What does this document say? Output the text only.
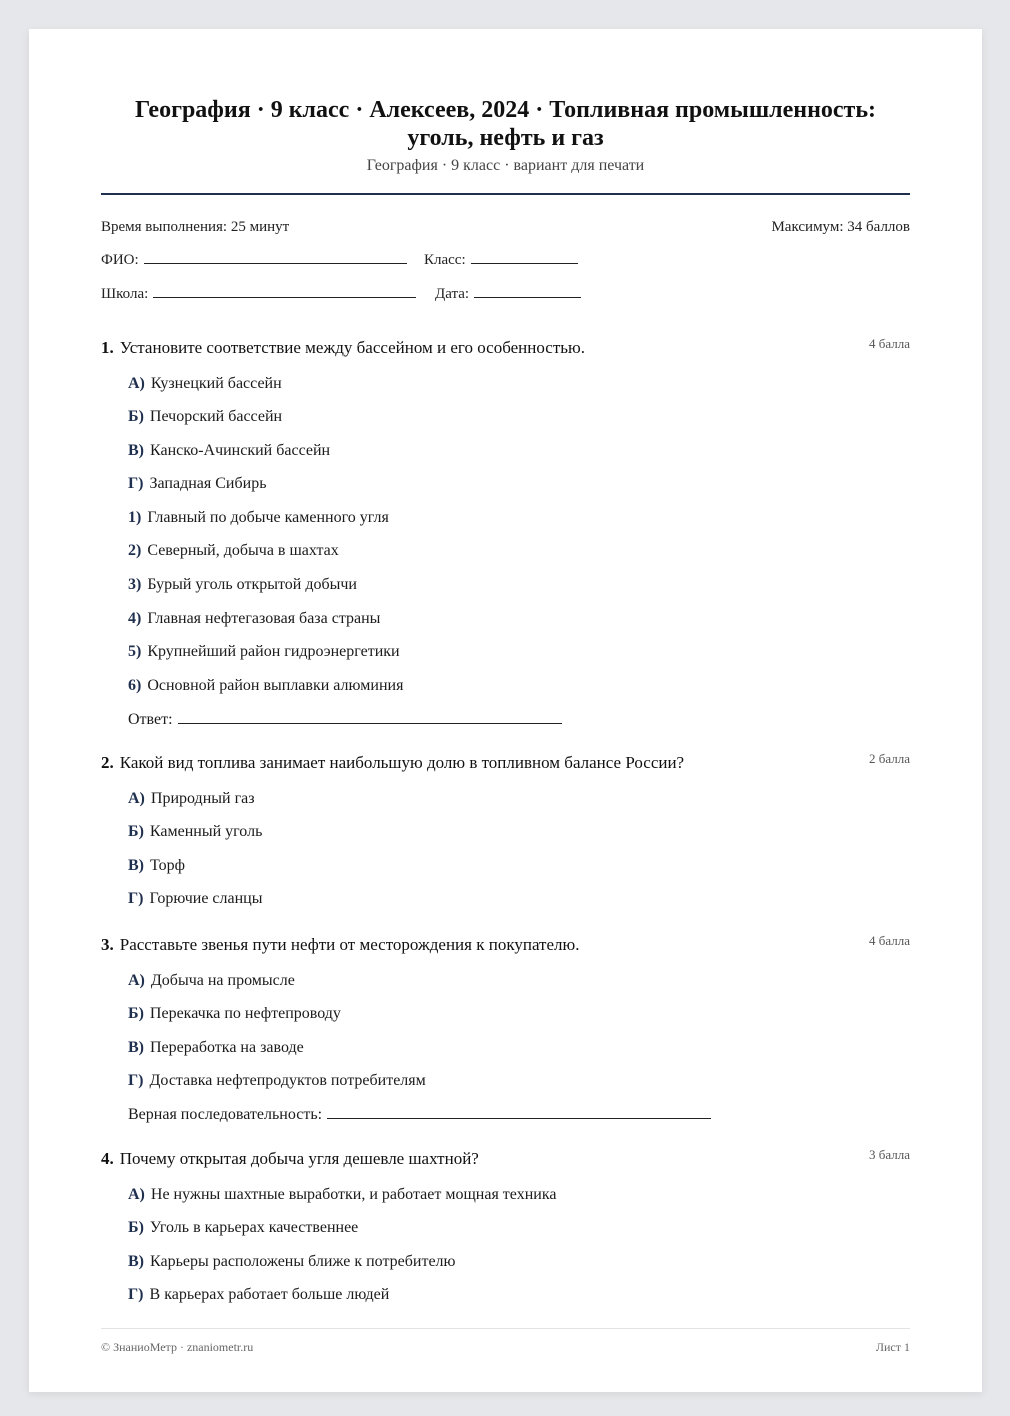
География · 9 класс · Алексеев, 2024 · Топливная промышленность:
уголь, нефть и газ
География · 9 класс · вариант для печати
Время выполнения: 25 минут	Максимум: 34 баллов
ФИО:	Класс:
Школа:	Дата:
1. Установите соответствие между бассейном и его особенностью.	4 балла
А) Кузнецкий бассейн
Б) Печорский бассейн
В) Канско-Ачинский бассейн
Г) Западная Сибирь
1) Главный по добыче каменного угля
2) Северный, добыча в шахтах
3) Бурый уголь открытой добычи
4) Главная нефтегазовая база страны
5) Крупнейший район гидроэнергетики
6) Основной район выплавки алюминия
Ответ:
2. Какой вид топлива занимает наибольшую долю в топливном балансе России?	2 балла
А) Природный газ
Б) Каменный уголь
В) Торф
Г) Горючие сланцы
3. Расставьте звенья пути нефти от месторождения к покупателю.	4 балла
А) Добыча на промысле
Б) Перекачка по нефтепроводу
В) Переработка на заводе
Г) Доставка нефтепродуктов потребителям
Верная последовательность:
4. Почему открытая добыча угля дешевле шахтной?	3 балла
А) Не нужны шахтные выработки, и работает мощная техника
Б) Уголь в карьерах качественнее
В) Карьеры расположены ближе к потребителю
Г) В карьерах работает больше людей
© ЗнаниоМетр · znaniometr.ru	Лист 1
